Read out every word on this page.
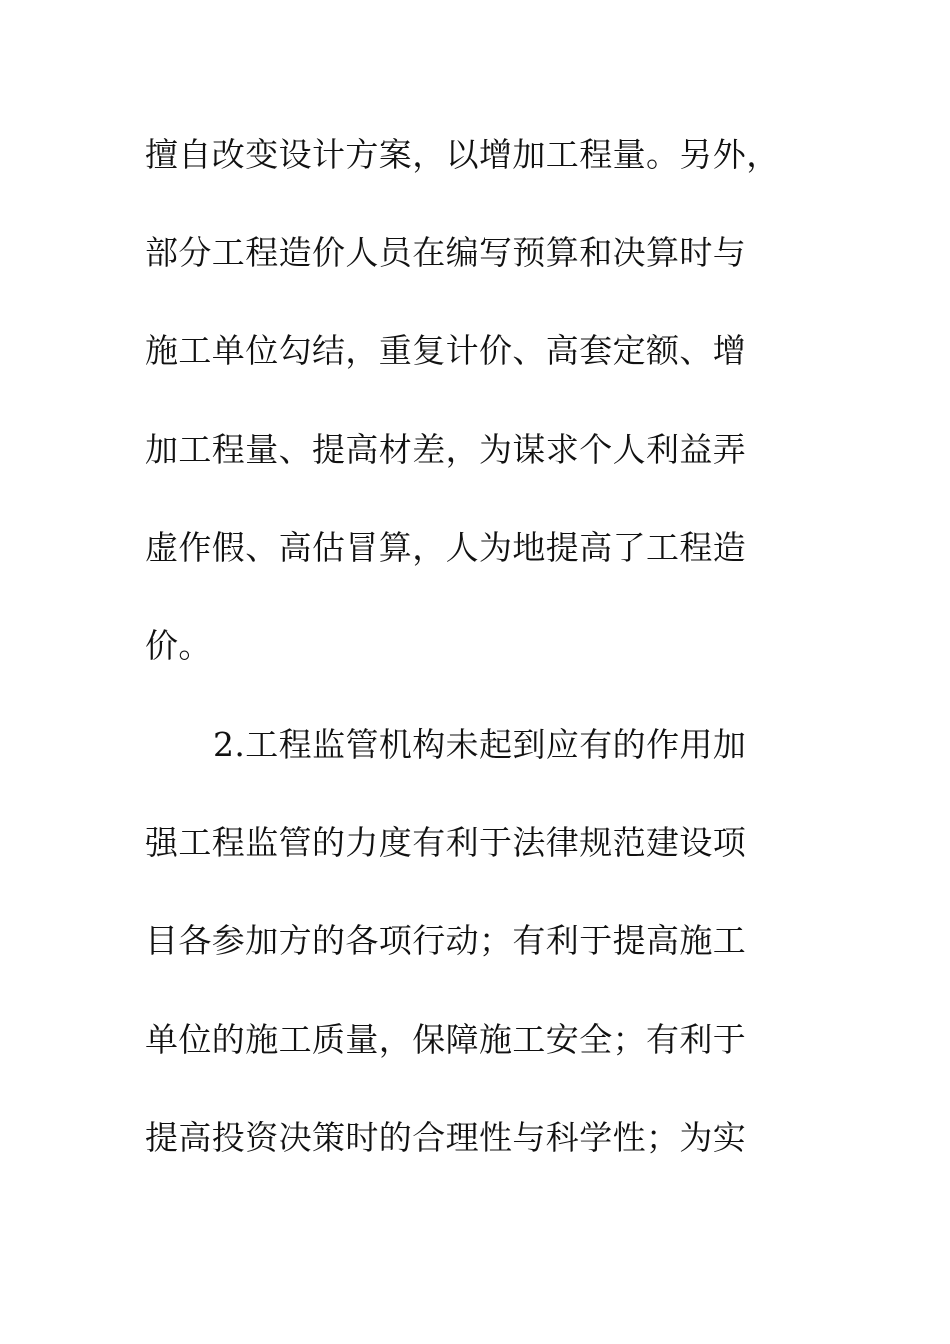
擅自改变设计方案，以增加工程量。另外，
部分工程造价人员在编写预算和决算时与
施工单位勾结，重复计价、高套定额、增
加工程量、提高材差，为谋求个人利益弄
虚作假、高估冒算，人为地提高了工程造
价。
2.工程监管机构未起到应有的作用加
强工程监管的力度有利于法律规范建设项
目各参加方的各项行动；有利于提高施工
单位的施工质量，保障施工安全；有利于
提高投资决策时的合理性与科学性；为实
